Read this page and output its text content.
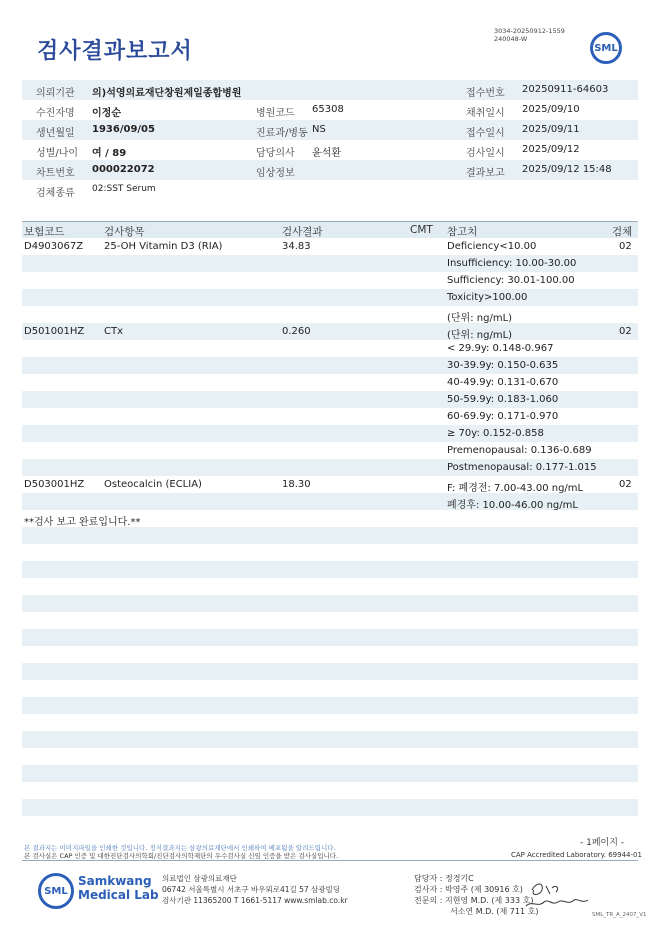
검사결과보고서
3034-20250912-1559
240048-W
SML
의뢰기관 의)석영의료재단창원제일종합병원	접수번호 20250911-64603
수진자명 이정순	병원코드 65308	채취일시 2025/09/10
생년월일 1936/09/05	진료과/병동 NS	접수일시 2025/09/11
성별/나이 여 / 89	담당의사 윤석환	검사일시 2025/09/12
차트번호 000022072	임상정보	결과보고 2025/09/12 15:48
검체종류 02:SST Serum
보험코드	검사항목	검사결과	CMT 참고치	검체
D4903067Z 25-OH Vitamin D3 (RIA)	34.83	Deficiency<10.00	02
Insufficiency: 10.00-30.00
Sufficiency: 30.01-100.00
Toxicity>100.00
(단위: ng/mL)
D501001HZ CTx	0.260	(단위: ng/mL)	02
< 29.9y: 0.148-0.967
30-39.9y: 0.150-0.635
40-49.9y: 0.131-0.670
50-59.9y: 0.183-1.060
60-69.9y: 0.171-0.970
≥ 70y: 0.152-0.858
Premenopausal: 0.136-0.689
Postmenopausal: 0.177-1.015
D503001HZ Osteocalcin (ECLIA)	18.30	F: 폐경전: 7.00-43.00 ng/mL	02
폐경후: 10.00-46.00 ng/mL
**검사 보고 완료입니다.**
- 1페이지 -
본 결과지는 이미지파일을 인쇄한 것입니다. 정식결과지는 삼광의료재단에서 인쇄하여 배포됨을 알려드립니다.
본 검사실은 CAP 인증 및 대한진단검사의학회/진단검사의학재단의 우수검사실 신임 인증을 받은 검사실입니다.	CAP Accredited Laboratory. 69944-01
SML
Samkwang
Medical Lab
의료법인 삼광의료재단
06742 서울특별시 서초구 바우뫼로41길 57 삼광빌딩
검사기관 11365200 T 1661-5117 www.smlab.co.kr
담당자 : 정경기C
검사자 : 박영주 (제 30916 호)
전문의 : 지현영 M.D. (제 333 호)
서소연 M.D. (제 711 호)	SML_TR_A_2407_V1
